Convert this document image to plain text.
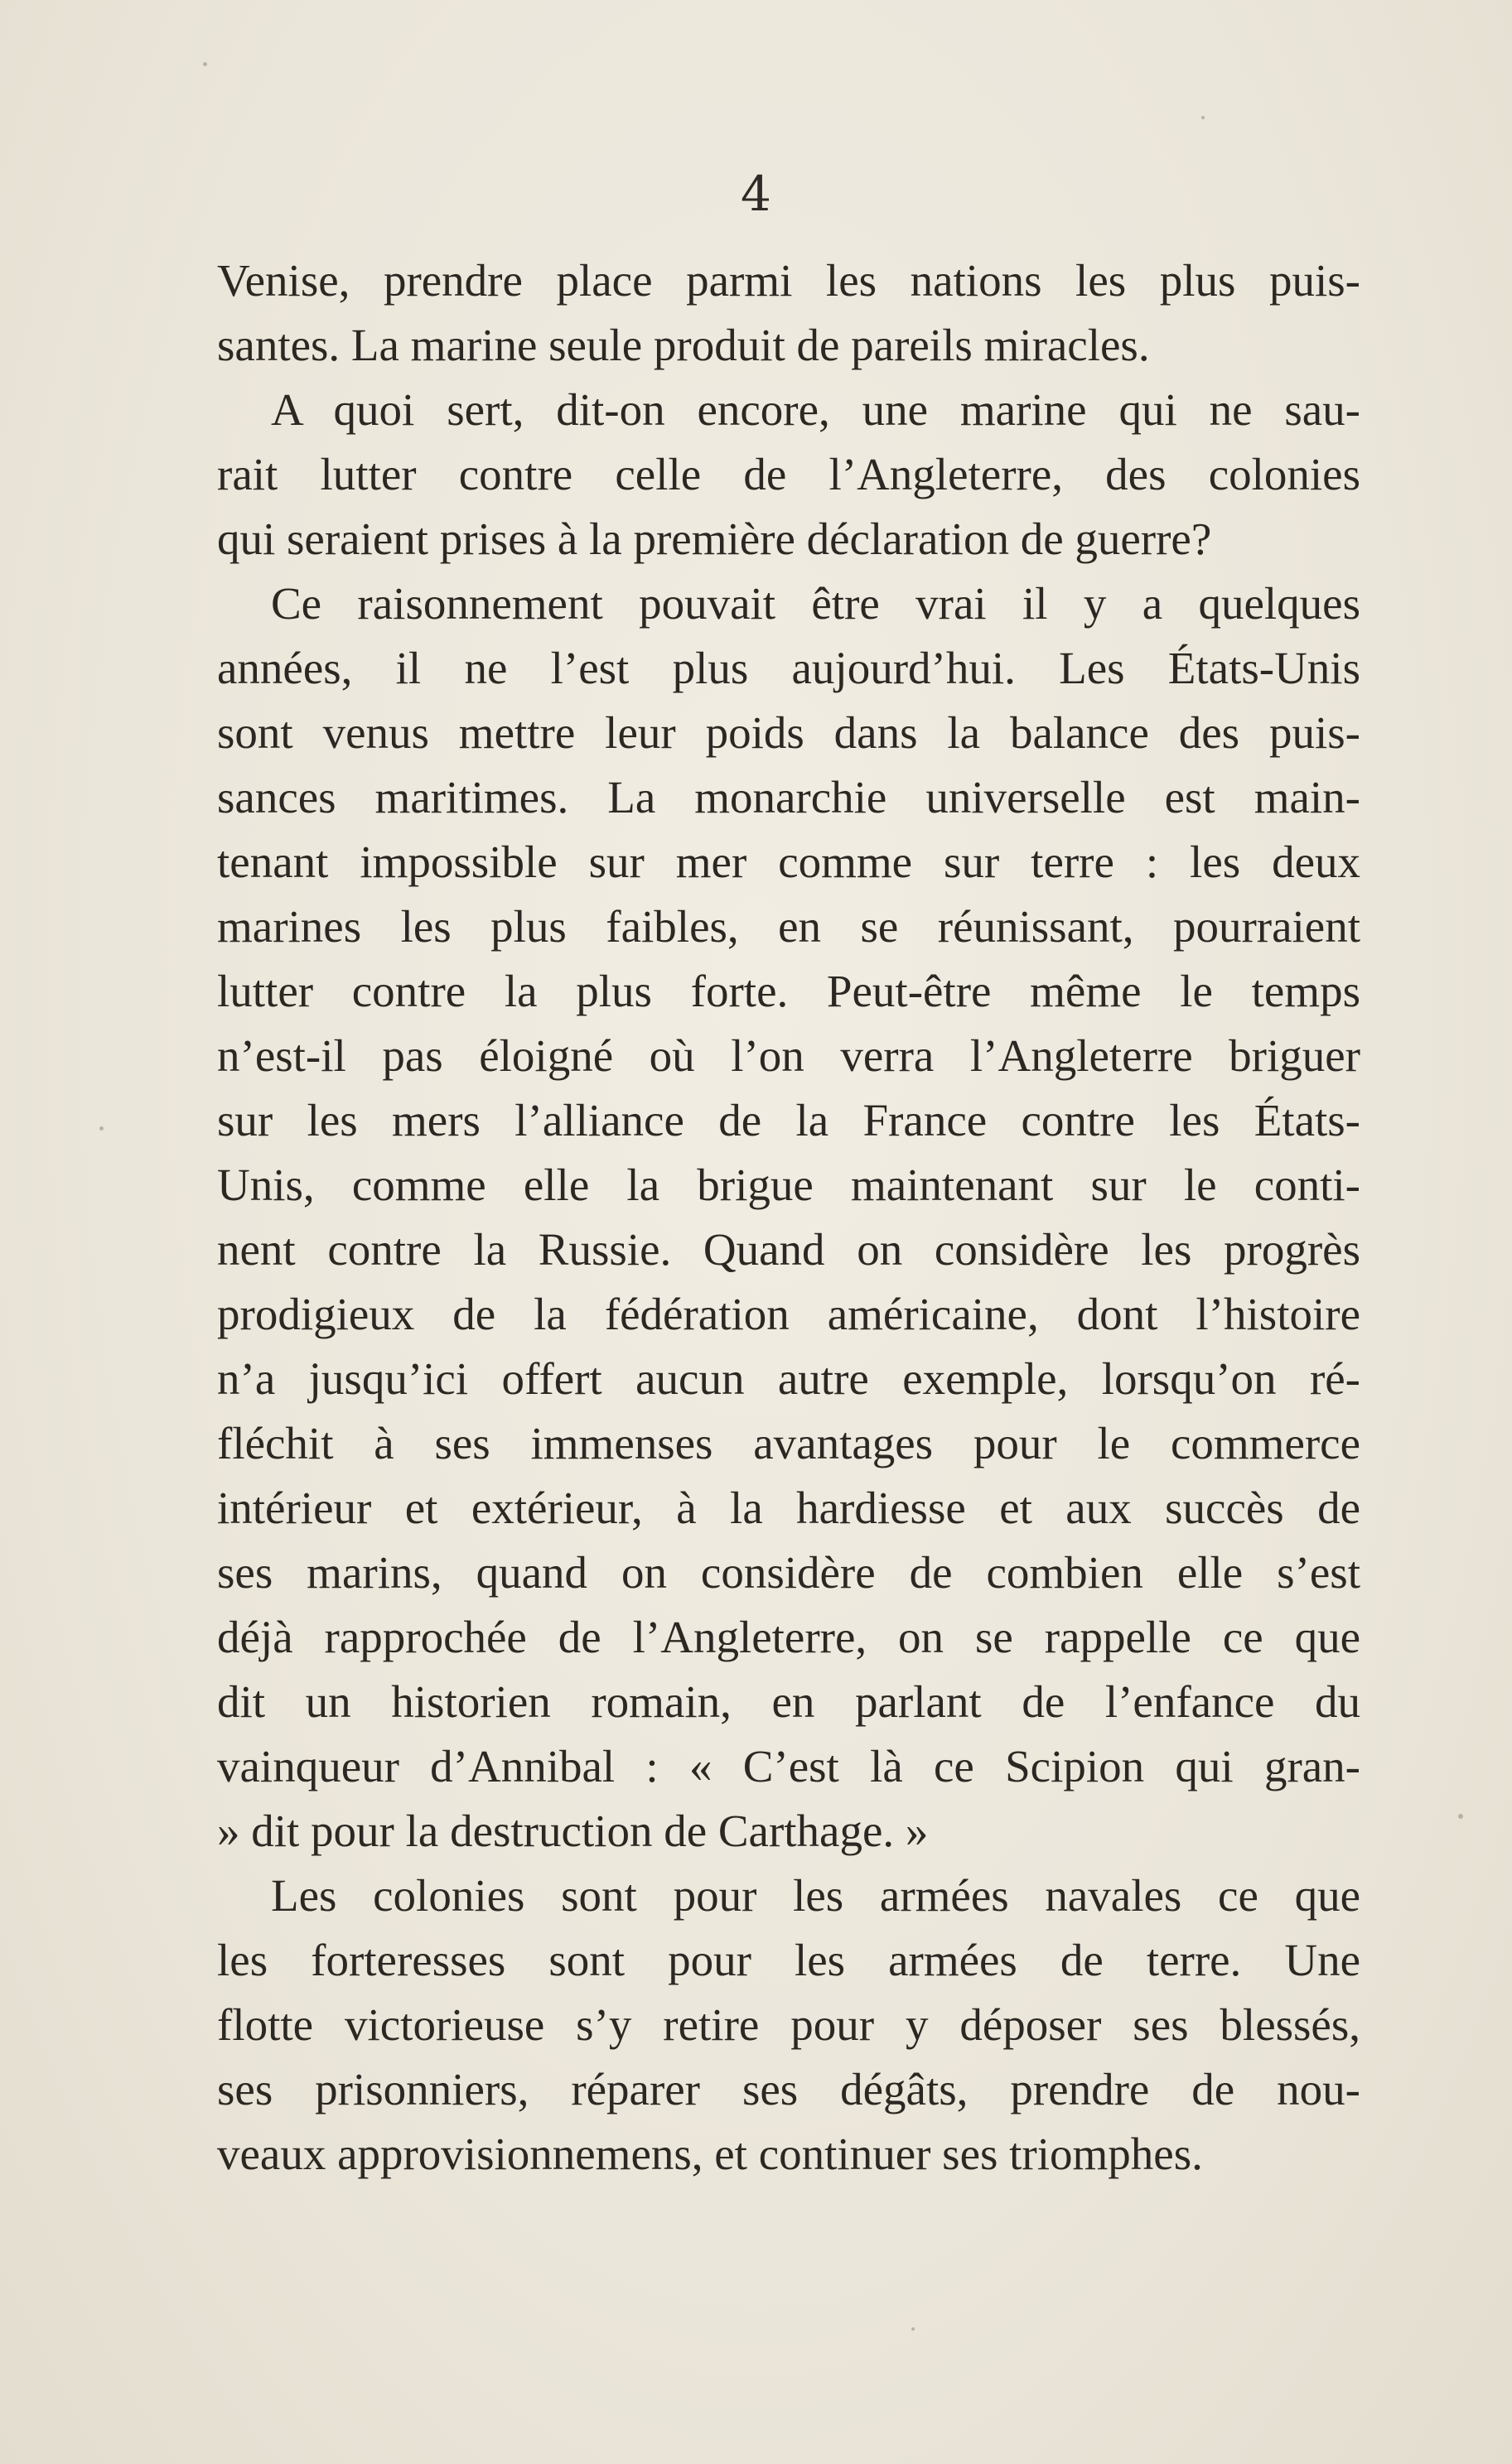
4
Venise, prendre place parmi les nations les plus puis-
santes. La marine seule produit de pareils miracles.
A quoi sert, dit-on encore, une marine qui ne sau-
rait lutter contre celle de l’Angleterre, des colonies
qui seraient prises à la première déclaration de guerre?
Ce raisonnement pouvait être vrai il y a quelques
années, il ne l’est plus aujourd’hui. Les États-Unis
sont venus mettre leur poids dans la balance des puis-
sances maritimes. La monarchie universelle est main-
tenant impossible sur mer comme sur terre : les deux
marines les plus faibles, en se réunissant, pourraient
lutter contre la plus forte. Peut-être même le temps
n’est-il pas éloigné où l’on verra l’Angleterre briguer
sur les mers l’alliance de la France contre les États-
Unis, comme elle la brigue maintenant sur le conti-
nent contre la Russie. Quand on considère les progrès
prodigieux de la fédération américaine, dont l’histoire
n’a jusqu’ici offert aucun autre exemple, lorsqu’on ré-
fléchit à ses immenses avantages pour le commerce
intérieur et extérieur, à la hardiesse et aux succès de
ses marins, quand on considère de combien elle s’est
déjà rapprochée de l’Angleterre, on se rappelle ce que
dit un historien romain, en parlant de l’enfance du
vainqueur d’Annibal : « C’est là ce Scipion qui gran-
» dit pour la destruction de Carthage. »
Les colonies sont pour les armées navales ce que
les forteresses sont pour les armées de terre. Une
flotte victorieuse s’y retire pour y déposer ses blessés,
ses prisonniers, réparer ses dégâts, prendre de nou-
veaux approvisionnemens, et continuer ses triomphes.
